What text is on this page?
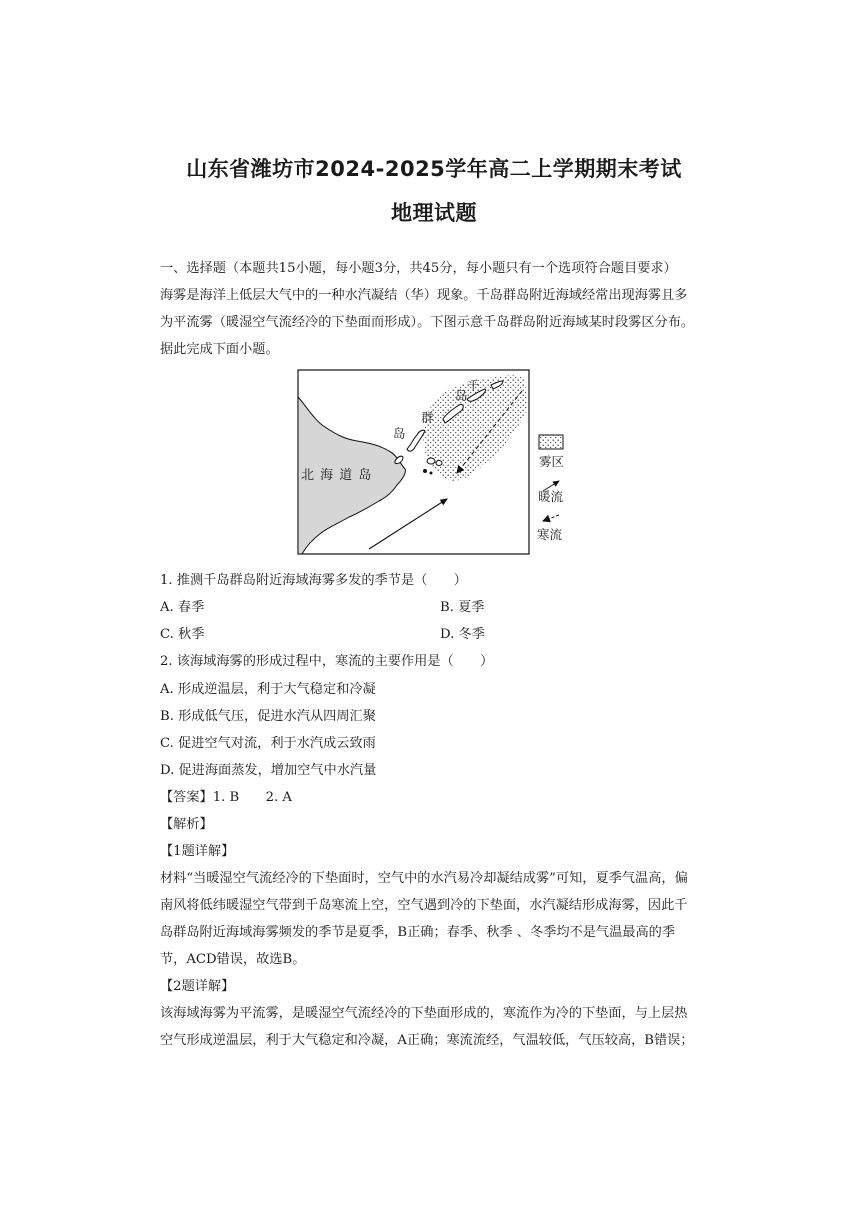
山东省潍坊市2024-2025学年高二上学期期末考试
地理试题
一、选择题（本题共15小题，每小题3分，共45分，每小题只有一个选项符合题目要求）
海雾是海洋上低层大气中的一种水汽凝结（华）现象。千岛群岛附近海域经常出现海雾且多
为平流雾（暖湿空气流经冷的下垫面而形成）。下图示意千岛群岛附近海域某时段雾区分布。
据此完成下面小题。
北 海 道 岛
千
岛
群
岛
雾区
暖流
寒流
1. 推测千岛群岛附近海域海雾多发的季节是（　　）
A. 春季	B. 夏季
C. 秋季	D. 冬季
2. 该海域海雾的形成过程中，寒流的主要作用是（　　）
A. 形成逆温层，利于大气稳定和冷凝
B. 形成低气压，促进水汽从四周汇聚
C. 促进空气对流，利于水汽成云致雨
D. 促进海面蒸发，增加空气中水汽量
【答案】1. B　　2. A
【解析】
【1题详解】
材料“当暖湿空气流经冷的下垫面时，空气中的水汽易冷却凝结成雾”可知，夏季气温高，偏
南风将低纬暖湿空气带到千岛寒流上空，空气遇到冷的下垫面，水汽凝结形成海雾，因此千
岛群岛附近海域海雾频发的季节是夏季，B正确；春季、秋季 、冬季均不是气温最高的季
节，ACD错误，故选B。
【2题详解】
该海域海雾为平流雾，是暖湿空气流经冷的下垫面形成的，寒流作为冷的下垫面，与上层热
空气形成逆温层，利于大气稳定和冷凝，A正确；寒流流经，气温较低，气压较高，B错误；
